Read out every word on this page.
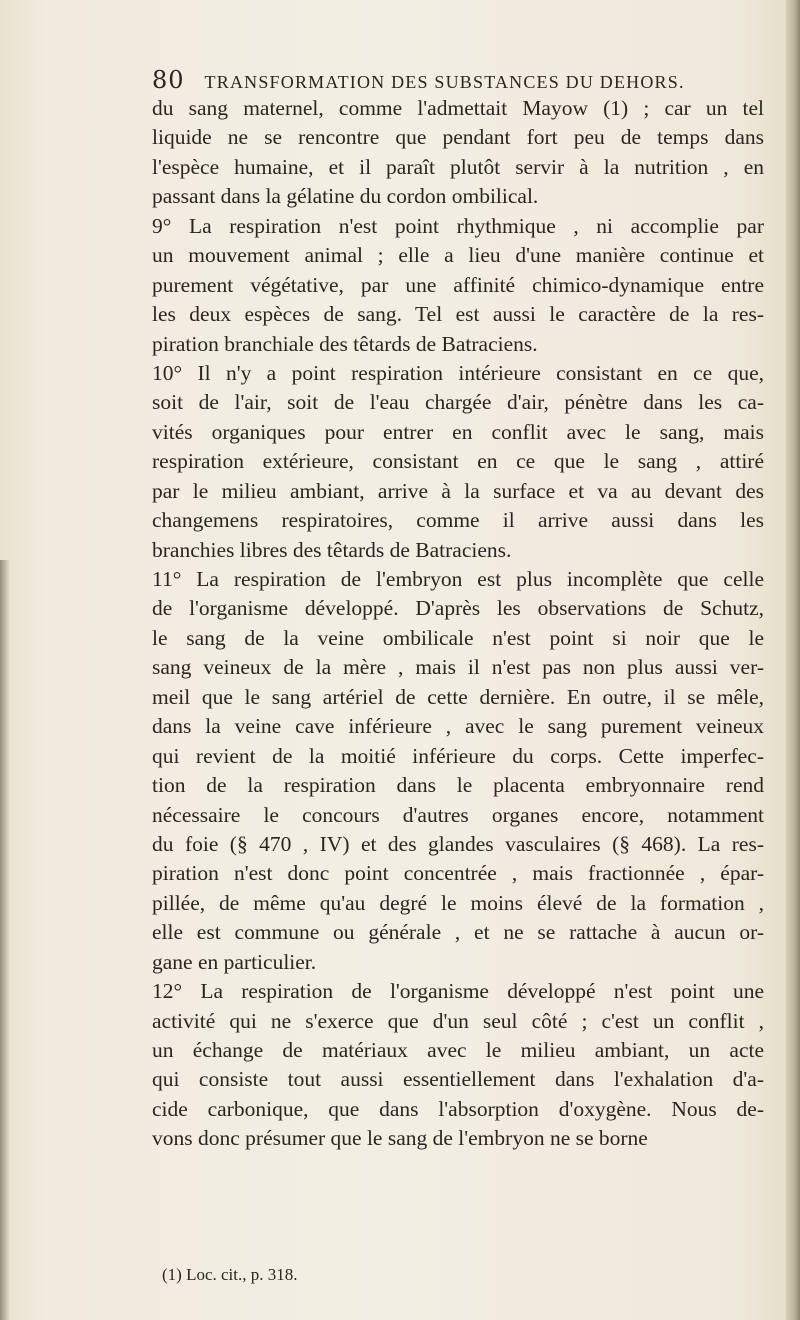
80 TRANSFORMATION DES SUBSTANCES DU DEHORS.
du sang maternel, comme l'admettait Mayow (1) ; car un tel
liquide ne se rencontre que pendant fort peu de temps dans
l'espèce humaine, et il paraît plutôt servir à la nutrition , en
passant dans la gélatine du cordon ombilical.
9° La respiration n'est point rhythmique , ni accomplie par
un mouvement animal ; elle a lieu d'une manière continue et
purement végétative, par une affinité chimico-dynamique entre
les deux espèces de sang. Tel est aussi le caractère de la res-
piration branchiale des têtards de Batraciens.
10° Il n'y a point respiration intérieure consistant en ce que,
soit de l'air, soit de l'eau chargée d'air, pénètre dans les ca-
vités organiques pour entrer en conflit avec le sang, mais
respiration extérieure, consistant en ce que le sang , attiré
par le milieu ambiant, arrive à la surface et va au devant des
changemens respiratoires, comme il arrive aussi dans les
branchies libres des têtards de Batraciens.
11° La respiration de l'embryon est plus incomplète que celle
de l'organisme développé. D'après les observations de Schutz,
le sang de la veine ombilicale n'est point si noir que le
sang veineux de la mère , mais il n'est pas non plus aussi ver-
meil que le sang artériel de cette dernière. En outre, il se mêle,
dans la veine cave inférieure , avec le sang purement veineux
qui revient de la moitié inférieure du corps. Cette imperfec-
tion de la respiration dans le placenta embryonnaire rend
nécessaire le concours d'autres organes encore, notamment
du foie (§ 470 , IV) et des glandes vasculaires (§ 468). La res-
piration n'est donc point concentrée , mais fractionnée , épar-
pillée, de même qu'au degré le moins élevé de la formation ,
elle est commune ou générale , et ne se rattache à aucun or-
gane en particulier.
12° La respiration de l'organisme développé n'est point une
activité qui ne s'exerce que d'un seul côté ; c'est un conflit ,
un échange de matériaux avec le milieu ambiant, un acte
qui consiste tout aussi essentiellement dans l'exhalation d'a-
cide carbonique, que dans l'absorption d'oxygène. Nous de-
vons donc présumer que le sang de l'embryon ne se borne
(1) Loc. cit., p. 318.
